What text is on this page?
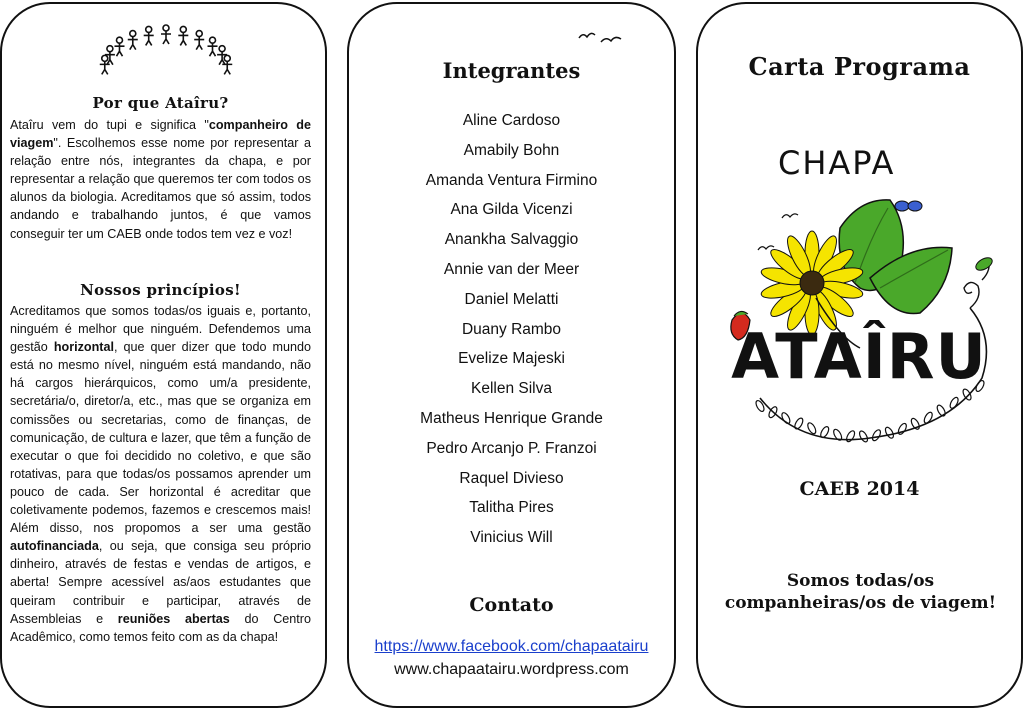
Por que Ataîru?

Ataîru vem do tupi e significa "companheiro de viagem". Escolhemos esse nome por representar a relação entre nós, integrantes da chapa, e por representar a relação que queremos ter com todos os alunos da biologia. Acreditamos que só assim, todos andando e trabalhando juntos, é que vamos conseguir ter um CAEB onde todos tem vez e voz!

Nossos princípios!

Acreditamos que somos todas/os iguais e, portanto, ninguém é melhor que ninguém. Defendemos uma gestão horizontal, que quer dizer que todo mundo está no mesmo nível, ninguém está mandando, não há cargos hierárquicos, como um/a presidente, secretária/o, diretor/a, etc., mas que se organiza em comissões ou secretarias, como de finanças, de comunicação, de cultura e lazer, que têm a função de executar o que foi decidido no coletivo, e que são rotativas, para que todas/os possamos aprender um pouco de cada. Ser horizontal é acreditar que coletivamente podemos, fazemos e crescemos mais! Além disso, nos propomos a ser uma gestão autofinanciada, ou seja, que consiga seu próprio dinheiro, através de festas e vendas de artigos, e aberta! Sempre acessível as/aos estudantes que queiram contribuir e participar, através de Assembleias e reuniões abertas do Centro Acadêmico, como temos feito com as da chapa!

Integrantes
Aline Cardoso
Amabily Bohn
Amanda Ventura Firmino
Ana Gilda Vicenzi
Anankha Salvaggio
Annie van der Meer
Daniel Melatti
Duany Rambo
Evelize Majeski
Kellen Silva
Matheus Henrique Grande
Pedro Arcanjo P. Franzoi
Raquel Divieso
Talitha Pires
Vinicius Will
Contato
https://www.facebook.com/chapaatairu
www.chapaatairu.wordpress.com
Carta Programa
CHAPA
ATAÎRU
CAEB 2014
Somos todas/os companheiras/os de viagem!
